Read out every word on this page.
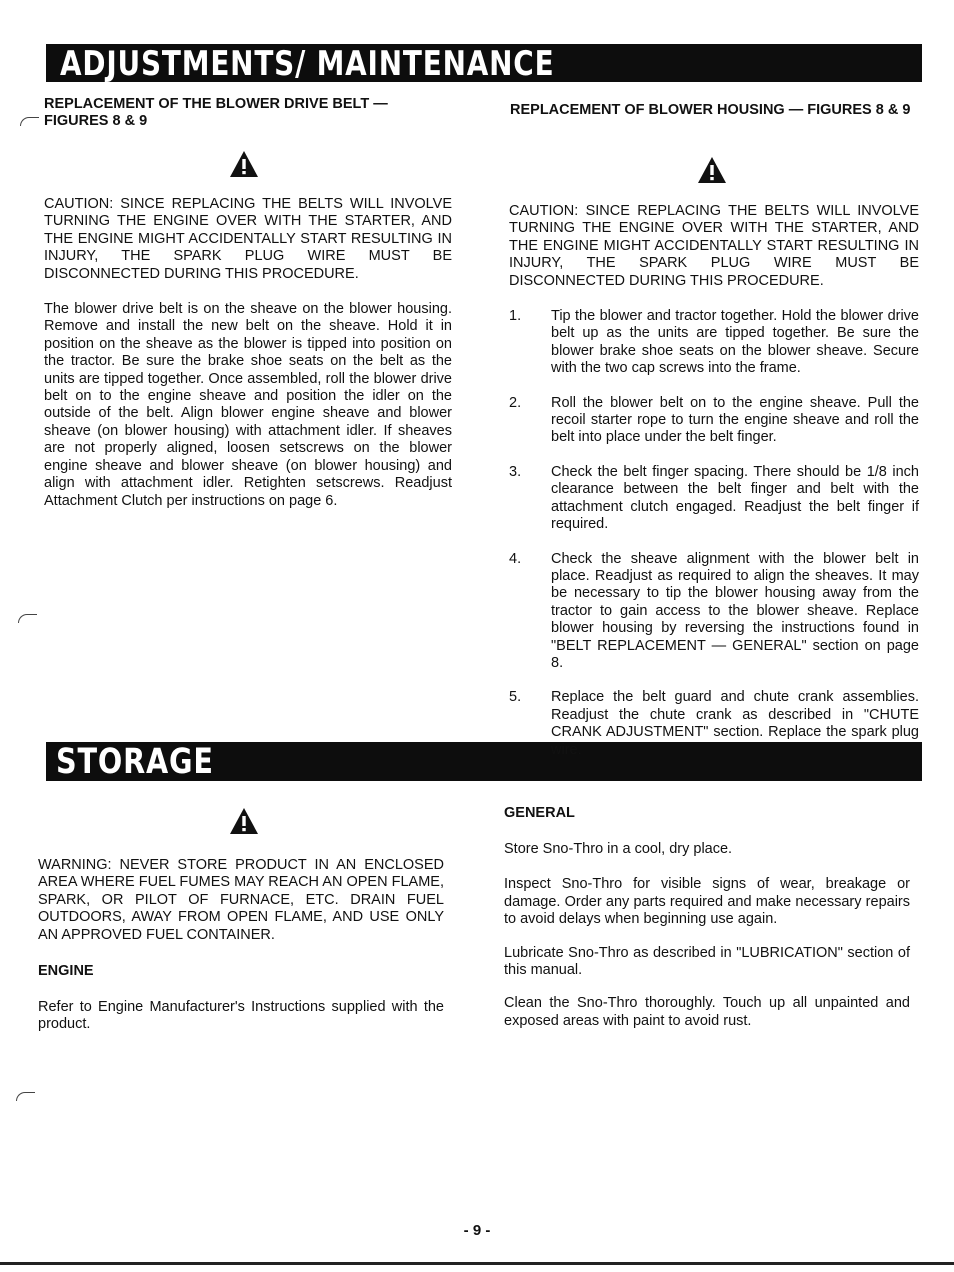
ADJUSTMENTS/ MAINTENANCE
STORAGE
REPLACEMENT OF THE BLOWER DRIVE BELT — FIGURES 8 & 9

CAUTION: SINCE REPLACING THE BELTS WILL INVOLVE TURNING THE ENGINE OVER WITH THE STARTER, AND THE ENGINE MIGHT ACCIDENTALLY START RESULTING IN INJURY, THE SPARK PLUG WIRE MUST BE DISCONNECTED DURING THIS PROCEDURE.

The blower drive belt is on the sheave on the blower housing. Remove and install the new belt on the sheave. Hold it in position on the sheave as the blower is tipped into position on the tractor. Be sure the brake shoe seats on the belt as the units are tipped together. Once assembled, roll the blower drive belt on to the engine sheave and position the idler on the outside of the belt. Align blower engine sheave and blower sheave (on blower housing) with attachment idler. If sheaves are not properly aligned, loosen setscrews on the blower engine sheave and blower sheave (on blower housing) and align with attachment idler. Retighten setscrews. Readjust Attachment Clutch per instructions on page 6.

REPLACEMENT OF BLOWER HOUSING — FIGURES 8 & 9

CAUTION: SINCE REPLACING THE BELTS WILL INVOLVE TURNING THE ENGINE OVER WITH THE STARTER, AND THE ENGINE MIGHT ACCIDENTALLY START RESULTING IN INJURY, THE SPARK PLUG WIRE MUST BE DISCONNECTED DURING THIS PROCEDURE.

1. Tip the blower and tractor together. Hold the blower drive belt up as the units are tipped together. Be sure the blower brake shoe seats on the blower sheave. Secure with the two cap screws into the frame.

2. Roll the blower belt on to the engine sheave. Pull the recoil starter rope to turn the engine sheave and roll the belt into place under the belt finger.

3. Check the belt finger spacing. There should be 1/8 inch clearance between the belt finger and belt with the attachment clutch engaged. Readjust the belt finger if required.

4. Check the sheave alignment with the blower belt in place. Readjust as required to align the sheaves. It may be necessary to tip the blower housing away from the tractor to gain access to the blower sheave. Replace blower housing by reversing the instructions found in "BELT REPLACEMENT — GENERAL" section on page 8.

5. Replace the belt guard and chute crank assemblies. Readjust the chute crank as described in "CHUTE CRANK ADJUSTMENT" section. Replace the spark plug wire.

WARNING: NEVER STORE PRODUCT IN AN ENCLOSED AREA WHERE FUEL FUMES MAY REACH AN OPEN FLAME, SPARK, OR PILOT OF FURNACE, ETC. DRAIN FUEL OUTDOORS, AWAY FROM OPEN FLAME, AND USE ONLY AN APPROVED FUEL CONTAINER.

ENGINE

Refer to Engine Manufacturer's Instructions supplied with the product.

GENERAL

Store Sno-Thro in a cool, dry place.

Inspect Sno-Thro for visible signs of wear, breakage or damage. Order any parts required and make necessary repairs to avoid delays when beginning use again.

Lubricate Sno-Thro as described in "LUBRICATION" section of this manual.

Clean the Sno-Thro thoroughly. Touch up all unpainted and exposed areas with paint to avoid rust.

- 9 -
